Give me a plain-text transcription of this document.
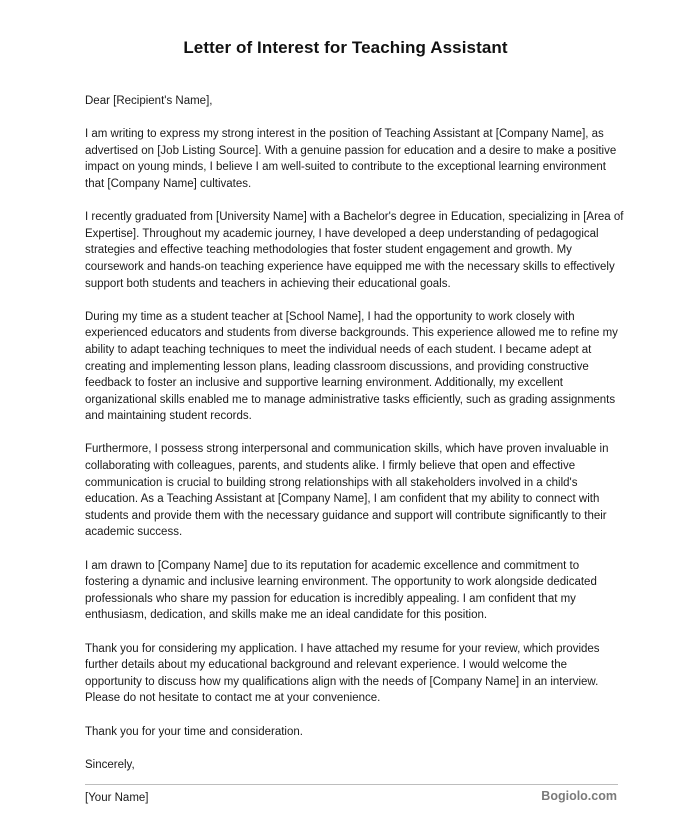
Letter of Interest for Teaching Assistant

Dear [Recipient's Name],

I am writing to express my strong interest in the position of Teaching Assistant at [Company Name], as advertised on [Job Listing Source]. With a genuine passion for education and a desire to make a positive impact on young minds, I believe I am well-suited to contribute to the exceptional learning environment that [Company Name] cultivates.

I recently graduated from [University Name] with a Bachelor's degree in Education, specializing in [Area of Expertise]. Throughout my academic journey, I have developed a deep understanding of pedagogical strategies and effective teaching methodologies that foster student engagement and growth. My coursework and hands-on teaching experience have equipped me with the necessary skills to effectively support both students and teachers in achieving their educational goals.

During my time as a student teacher at [School Name], I had the opportunity to work closely with experienced educators and students from diverse backgrounds. This experience allowed me to refine my ability to adapt teaching techniques to meet the individual needs of each student. I became adept at creating and implementing lesson plans, leading classroom discussions, and providing constructive feedback to foster an inclusive and supportive learning environment. Additionally, my excellent organizational skills enabled me to manage administrative tasks efficiently, such as grading assignments and maintaining student records.

Furthermore, I possess strong interpersonal and communication skills, which have proven invaluable in collaborating with colleagues, parents, and students alike. I firmly believe that open and effective communication is crucial to building strong relationships with all stakeholders involved in a child's education. As a Teaching Assistant at [Company Name], I am confident that my ability to connect with students and provide them with the necessary guidance and support will contribute significantly to their academic success.

I am drawn to [Company Name] due to its reputation for academic excellence and commitment to fostering a dynamic and inclusive learning environment. The opportunity to work alongside dedicated professionals who share my passion for education is incredibly appealing. I am confident that my enthusiasm, dedication, and skills make me an ideal candidate for this position.

Thank you for considering my application. I have attached my resume for your review, which provides further details about my educational background and relevant experience. I would welcome the opportunity to discuss how my qualifications align with the needs of [Company Name] in an interview. Please do not hesitate to contact me at your convenience.

Thank you for your time and consideration.

Sincerely,

[Your Name]	Bogiolo.com
